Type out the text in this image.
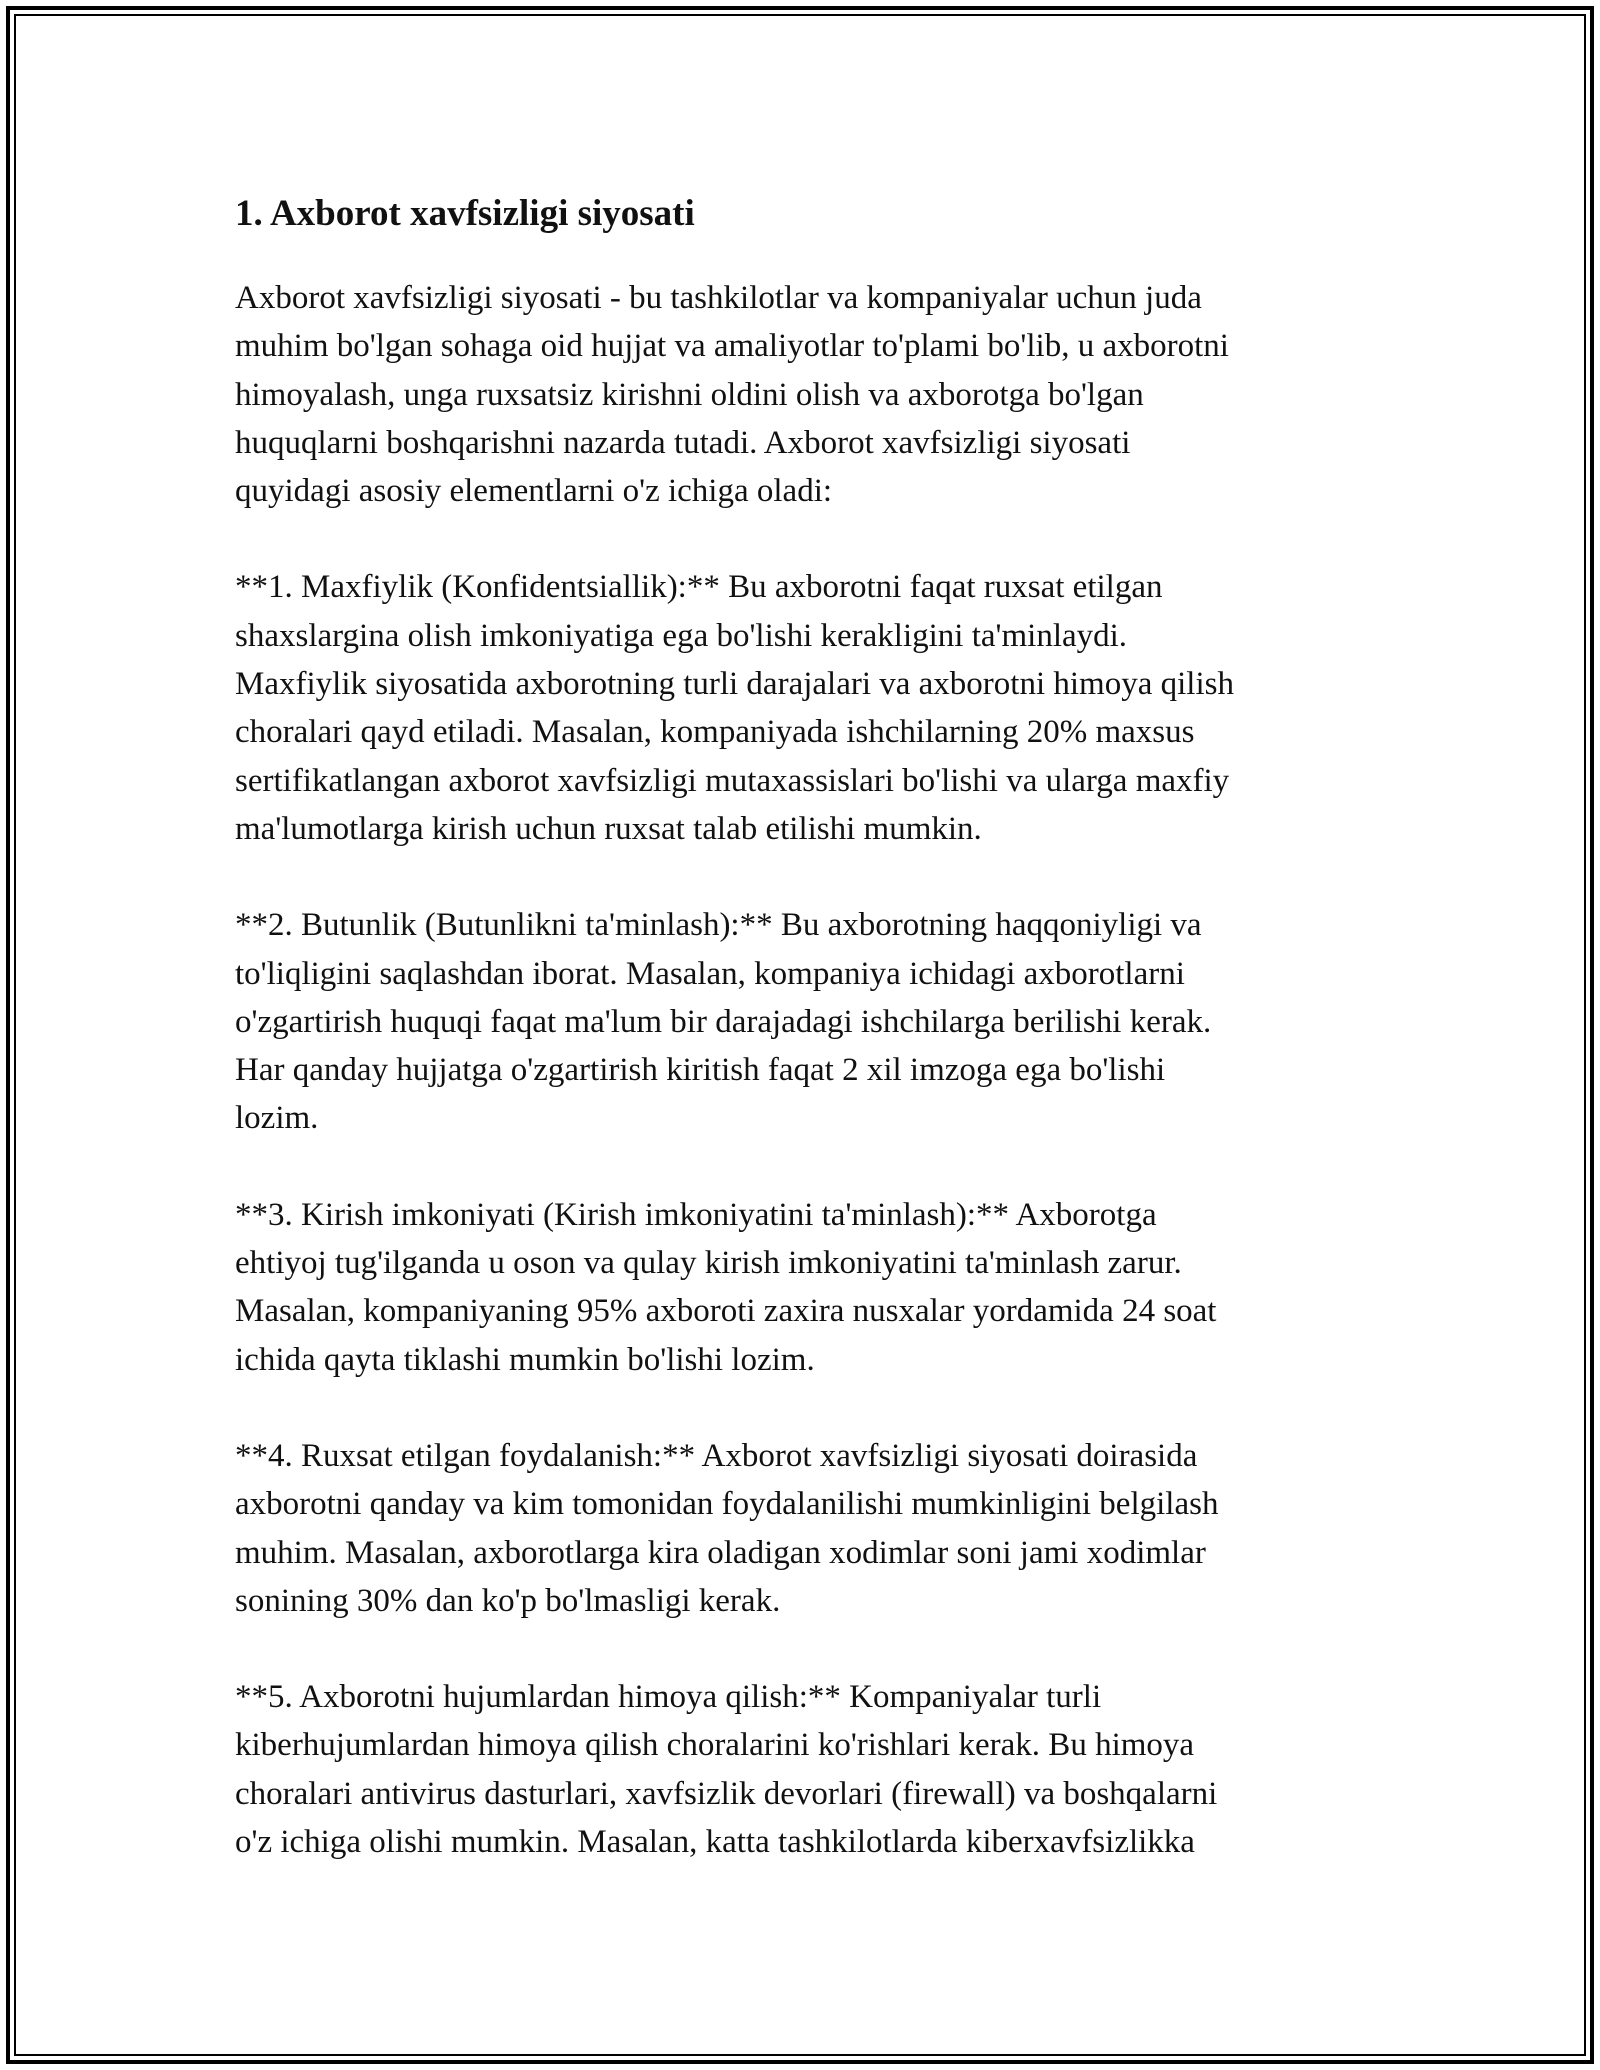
1. Axborot xavfsizligi siyosati

Axborot xavfsizligi siyosati - bu tashkilotlar va kompaniyalar uchun juda
muhim bo'lgan sohaga oid hujjat va amaliyotlar to'plami bo'lib, u axborotni
himoyalash, unga ruxsatsiz kirishni oldini olish va axborotga bo'lgan
huquqlarni boshqarishni nazarda tutadi. Axborot xavfsizligi siyosati
quyidagi asosiy elementlarni o'z ichiga oladi:

**1. Maxfiylik (Konfidentsiallik):** Bu axborotni faqat ruxsat etilgan
shaxslargina olish imkoniyatiga ega bo'lishi kerakligini ta'minlaydi.
Maxfiylik siyosatida axborotning turli darajalari va axborotni himoya qilish
choralari qayd etiladi. Masalan, kompaniyada ishchilarning 20% maxsus
sertifikatlangan axborot xavfsizligi mutaxassislari bo'lishi va ularga maxfiy
ma'lumotlarga kirish uchun ruxsat talab etilishi mumkin.

**2. Butunlik (Butunlikni ta'minlash):** Bu axborotning haqqoniyligi va
to'liqligini saqlashdan iborat. Masalan, kompaniya ichidagi axborotlarni
o'zgartirish huquqi faqat ma'lum bir darajadagi ishchilarga berilishi kerak.
Har qanday hujjatga o'zgartirish kiritish faqat 2 xil imzoga ega bo'lishi
lozim.

**3. Kirish imkoniyati (Kirish imkoniyatini ta'minlash):** Axborotga
ehtiyoj tug'ilganda u oson va qulay kirish imkoniyatini ta'minlash zarur.
Masalan, kompaniyaning 95% axboroti zaxira nusxalar yordamida 24 soat
ichida qayta tiklashi mumkin bo'lishi lozim.

**4. Ruxsat etilgan foydalanish:** Axborot xavfsizligi siyosati doirasida
axborotni qanday va kim tomonidan foydalanilishi mumkinligini belgilash
muhim. Masalan, axborotlarga kira oladigan xodimlar soni jami xodimlar
sonining 30% dan ko'p bo'lmasligi kerak.

**5. Axborotni hujumlardan himoya qilish:** Kompaniyalar turli
kiberhujumlardan himoya qilish choralarini ko'rishlari kerak. Bu himoya
choralari antivirus dasturlari, xavfsizlik devorlari (firewall) va boshqalarni
o'z ichiga olishi mumkin. Masalan, katta tashkilotlarda kiberxavfsizlikka
